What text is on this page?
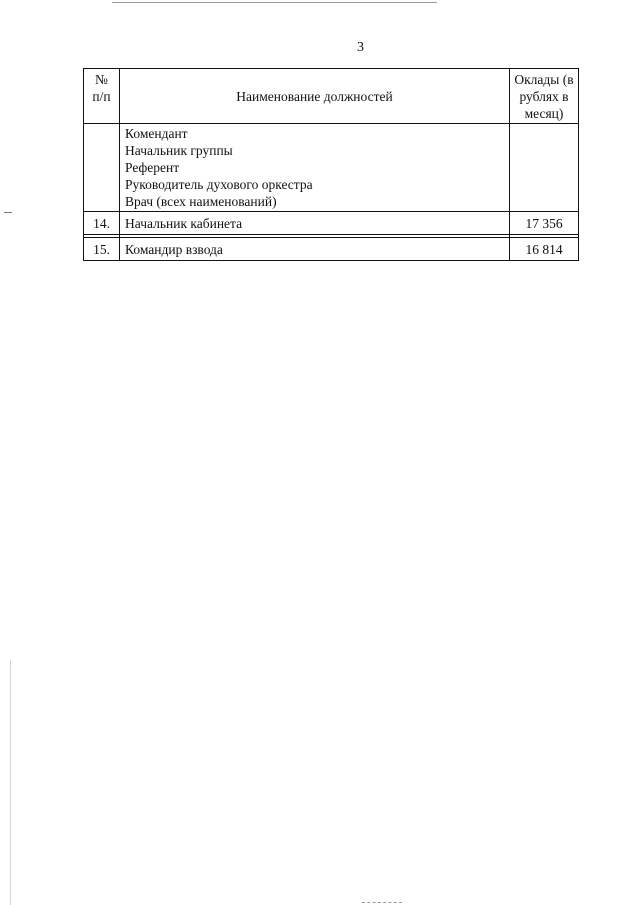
3
№
п/п	Наименование должностей	Оклады (в рублях в месяц)

	Комендант
Начальник группы
Референт
Руководитель духового оркестра
Врач (всех наименований)	

14.	Начальник кабинета	17 356

15.	Командир взвода	16 814
